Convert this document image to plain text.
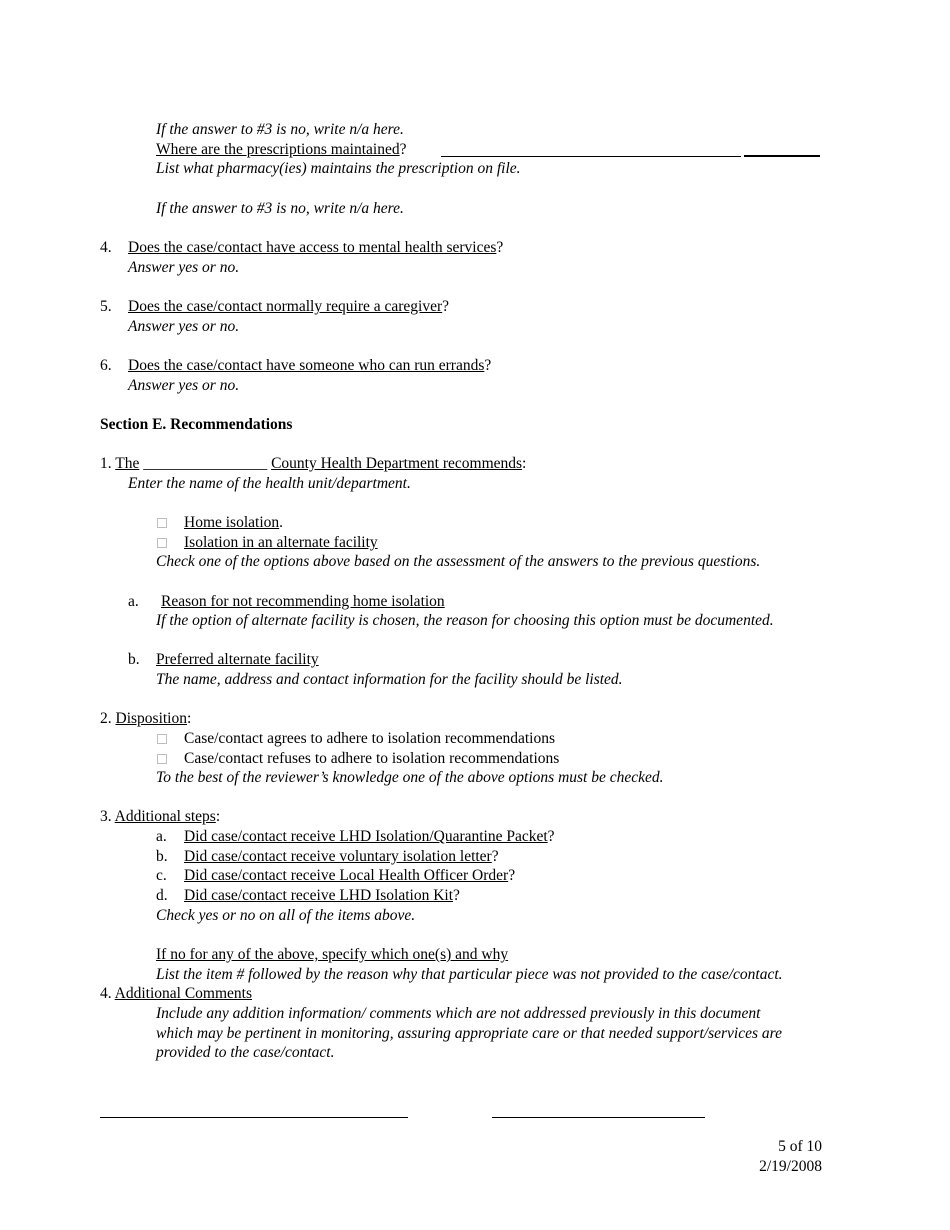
If the answer to #3 is no, write n/a here.
Where are the prescriptions maintained?
List what pharmacy(ies) maintains the prescription on file.
If the answer to #3 is no, write n/a here.
4. Does the case/contact have access to mental health services?
Answer yes or no.
5. Does the case/contact normally require a caregiver?
Answer yes or no.
6. Does the case/contact have someone who can run errands?
Answer yes or no.
Section E. Recommendations
1. The ________________ County Health Department recommends:
Enter the name of the health unit/department.
Home isolation.
Isolation in an alternate facility
Check one of the options above based on the assessment of the answers to the previous questions.
a. Reason for not recommending home isolation
If the option of alternate facility is chosen, the reason for choosing this option must be documented.
b. Preferred alternate facility
The name, address and contact information for the facility should be listed.
2. Disposition:
Case/contact agrees to adhere to isolation recommendations
Case/contact refuses to adhere to isolation recommendations
To the best of the reviewer’s knowledge one of the above options must be checked.
3. Additional steps:
a. Did case/contact receive LHD Isolation/Quarantine Packet?
b. Did case/contact receive voluntary isolation letter?
c. Did case/contact receive Local Health Officer Order?
d. Did case/contact receive LHD Isolation Kit?
Check yes or no on all of the items above.
If no for any of the above, specify which one(s) and why
List the item # followed by the reason why that particular piece was not provided to the case/contact.
4. Additional Comments
Include any addition information/ comments which are not addressed previously in this document
which may be pertinent in monitoring, assuring appropriate care or that needed support/services are
provided to the case/contact.
5 of 10
2/19/2008
